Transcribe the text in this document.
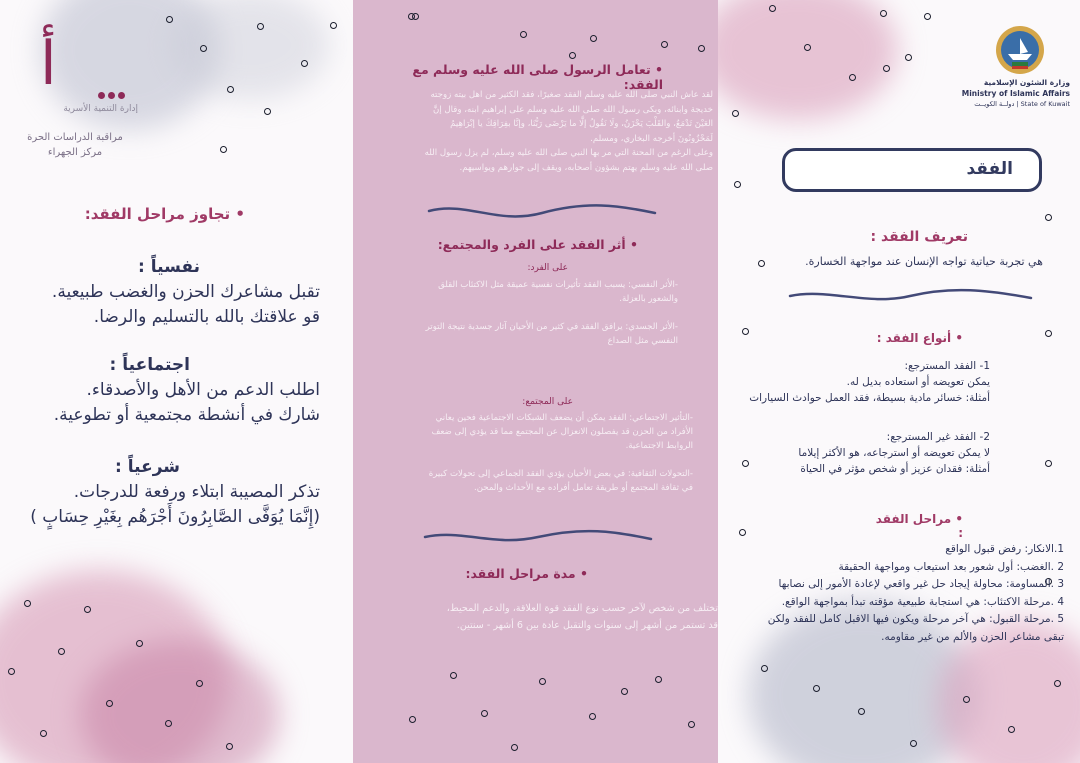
أ
إدارة التنمية الأسرية
مراقبة الدراسات الحرة
مركز الجهراء
• تجاوز مراحل الفقد:
نفسياً :
تقبل مشاعرك الحزن والغضب طبيعية.
قو علاقتك بالله بالتسليم والرضا.
اجتماعياً :
اطلب الدعم من الأهل والأصدقاء.
شارك في أنشطة مجتمعية أو تطوعية.
شرعياً :
تذكر المصيبة ابتلاء ورفعة للدرجات.
(إِنَّمَا يُوَفَّى الصَّابِرُونَ أَجْرَهُم بِغَيْرِ حِسَابٍ )
• تعامل الرسول صلى الله عليه وسلم مع الفقد:
لقد عاش النبي صلى الله عليه وسلم الفقد صغيرًا، فقد الكثير من اهل بيته زوجته
خديجة وابنائه، وبكى رسول الله صلى الله عليه وسلم على إبراهيم ابنه، وقال إنَّ
العَيْنَ تَدْمَعُ، والقَلْبَ يَحْزَنُ، ولَا نَقُولُ إلَّا ما يَرْضَى رَبُّنَا، وإنَّا بفِرَاقِكَ يا إبْرَاهِيمُ
لَمَحْزُونُونَ أخرجه البخاري، ومسلم.
وعلى الرغم من المحنة التي مر بها النبي صلى الله عليه وسلم، لم يزل رسول الله
صلى الله عليه وسلم يهتم بشؤون أصحابه، ويقف إلى جوارهم ويواسيهم.
• أثر الفقد على الفرد والمجتمع:
على الفرد:
-الأثر النفسي: يسبب الفقد تأثيرات نفسية عميقة مثل الاكتئاب القلق
والشعور بالعزلة.
-الأثر الجسدي: يرافق الفقد في كثير من الأحيان آثار جسدية نتيجة التوتر
النفسي مثل الصداع
على المجتمع:
-التأثير الاجتماعي: الفقد يمكن أن يضعف الشبكات الاجتماعية فحين يعاني
الأفراد من الحزن قد يفصلون الانعزال عن المجتمع مما قد يؤدي إلى ضعف
الروابط الاجتماعية.
-التحولات الثقافية: في بعض الأحيان يؤدي الفقد الجماعي إلى تحولات كبيرة
في ثقافة المجتمع أو طريقة تعامل أفراده مع الأحداث والمحن.
• مدة مراحل الفقد:
تختلف من شخص لآخر حسب نوع الفقد قوة العلاقة، والدعم المحيط،
قد تستمر من أشهر إلى سنوات والتقبل عادة بين 6 أشهر - سنتين.
وزارة الشئون الإسلامية
Ministry of Islamic Affairs
State of Kuwait | دولــة الكويــت
تعريف الفقد :
هي تجربة حياتية تواجه الإنسان عند مواجهة الخسارة.
• أنواع الفقد :
1- الفقد المسترجع:
يمكن تعويضه أو استعاده بديل له.
أمثلة: خسائر مادية بسيطة، فقد العمل حوادث السيارات
2- الفقد غير المسترجع:
لا يمكن تعويضه أو استرجاعه، هو الأكثر إيلاما
أمثلة: فقدان عزيز أو شخص مؤثر في الحياة
• مراحل الفقد :
1.الانكار: رفض قبول الواقع
2 .الغضب: أول شعور بعد استيعاب ومواجهة الحقيقة
3 .المساومة: محاولة إيجاد حل غير واقعي لإعادة الأمور إلى نصابها
4 .مرحلة الاكتئاب: هي استجابة طبيعية مؤقته تبدأ بمواجهة الواقع.
5 .مرحلة القبول: هي آخر مرحلة ويكون فيها الاقبل كامل للفقد ولكن
تبقى مشاعر الحزن والألم من غير مقاومه.
الفقد
